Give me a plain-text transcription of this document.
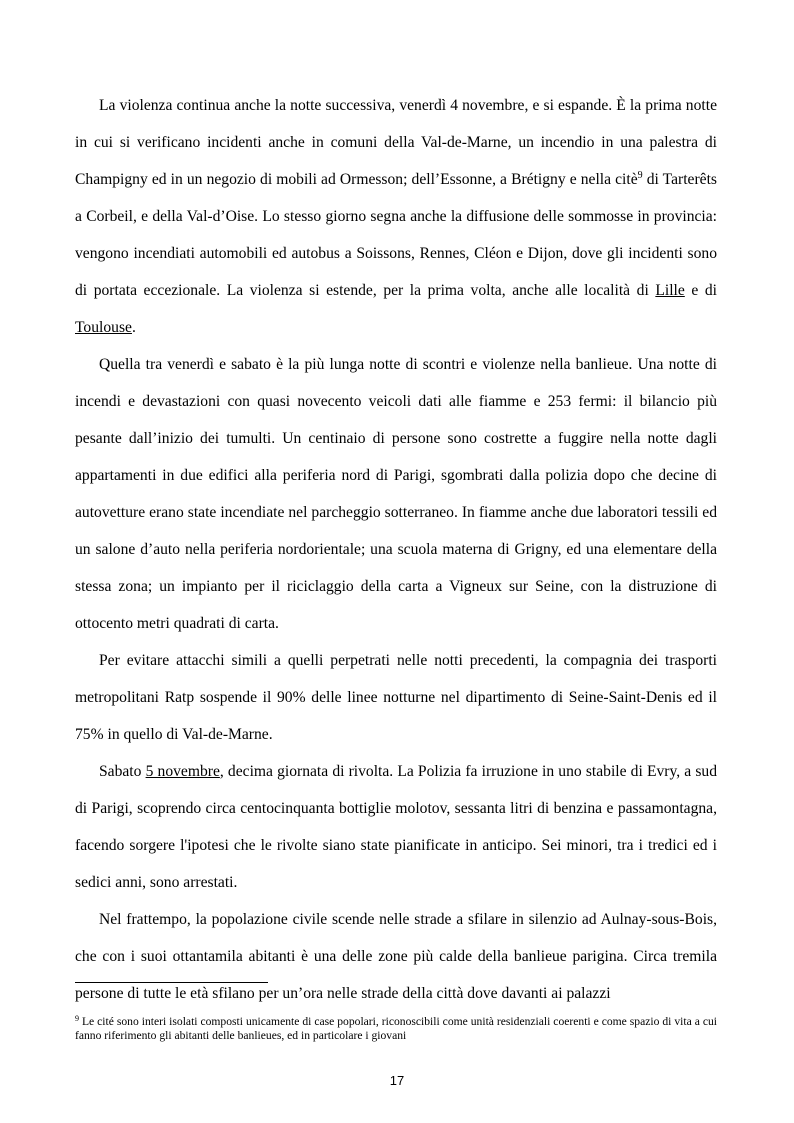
La violenza continua anche la notte successiva, venerdì 4 novembre, e si espande. È la prima notte in cui si verificano incidenti anche in comuni della Val-de-Marne, un incendio in una palestra di Champigny ed in un negozio di mobili ad Ormesson; dell’Essonne, a Brétigny e nella citè$^9$ di Tarterêts a Corbeil, e della Val-d’Oise. Lo stesso giorno segna anche la diffusione delle sommosse in provincia: vengono incendiati automobili ed autobus a Soissons, Rennes, Cléon e Dijon, dove gli incidenti sono di portata eccezionale. La violenza si estende, per la prima volta, anche alle località di Lille e di Toulouse.

Quella tra venerdì e sabato è la più lunga notte di scontri e violenze nella banlieue. Una notte di incendi e devastazioni con quasi novecento veicoli dati alle fiamme e 253 fermi: il bilancio più pesante dall’inizio dei tumulti. Un centinaio di persone sono costrette a fuggire nella notte dagli appartamenti in due edifici alla periferia nord di Parigi, sgombrati dalla polizia dopo che decine di autovetture erano state incendiate nel parcheggio sotterraneo. In fiamme anche due laboratori tessili ed un salone d’auto nella periferia nordorientale; una scuola materna di Grigny, ed una elementare della stessa zona; un impianto per il riciclaggio della carta a Vigneux sur Seine, con la distruzione di ottocento metri quadrati di carta.

Per evitare attacchi simili a quelli perpetrati nelle notti precedenti, la compagnia dei trasporti metropolitani Ratp sospende il 90% delle linee notturne nel dipartimento di Seine-Saint-Denis ed il 75% in quello di Val-de-Marne.

Sabato 5 novembre, decima giornata di rivolta. La Polizia fa irruzione in uno stabile di Evry, a sud di Parigi, scoprendo circa centocinquanta bottiglie molotov, sessanta litri di benzina e passamontagna, facendo sorgere l'ipotesi che le rivolte siano state pianificate in anticipo. Sei minori, tra i tredici ed i sedici anni, sono arrestati.

Nel frattempo, la popolazione civile scende nelle strade a sfilare in silenzio ad Aulnay-sous-Bois, che con i suoi ottantamila abitanti è una delle zone più calde della banlieue parigina. Circa tremila persone di tutte le età sfilano per un’ora nelle strade della città dove davanti ai palazzi

$^9$ Le cité sono interi isolati composti unicamente di case popolari, riconoscibili come unità residenziali coerenti e come spazio di vita a cui fanno riferimento gli abitanti delle banlieues, ed in particolare i giovani
17
